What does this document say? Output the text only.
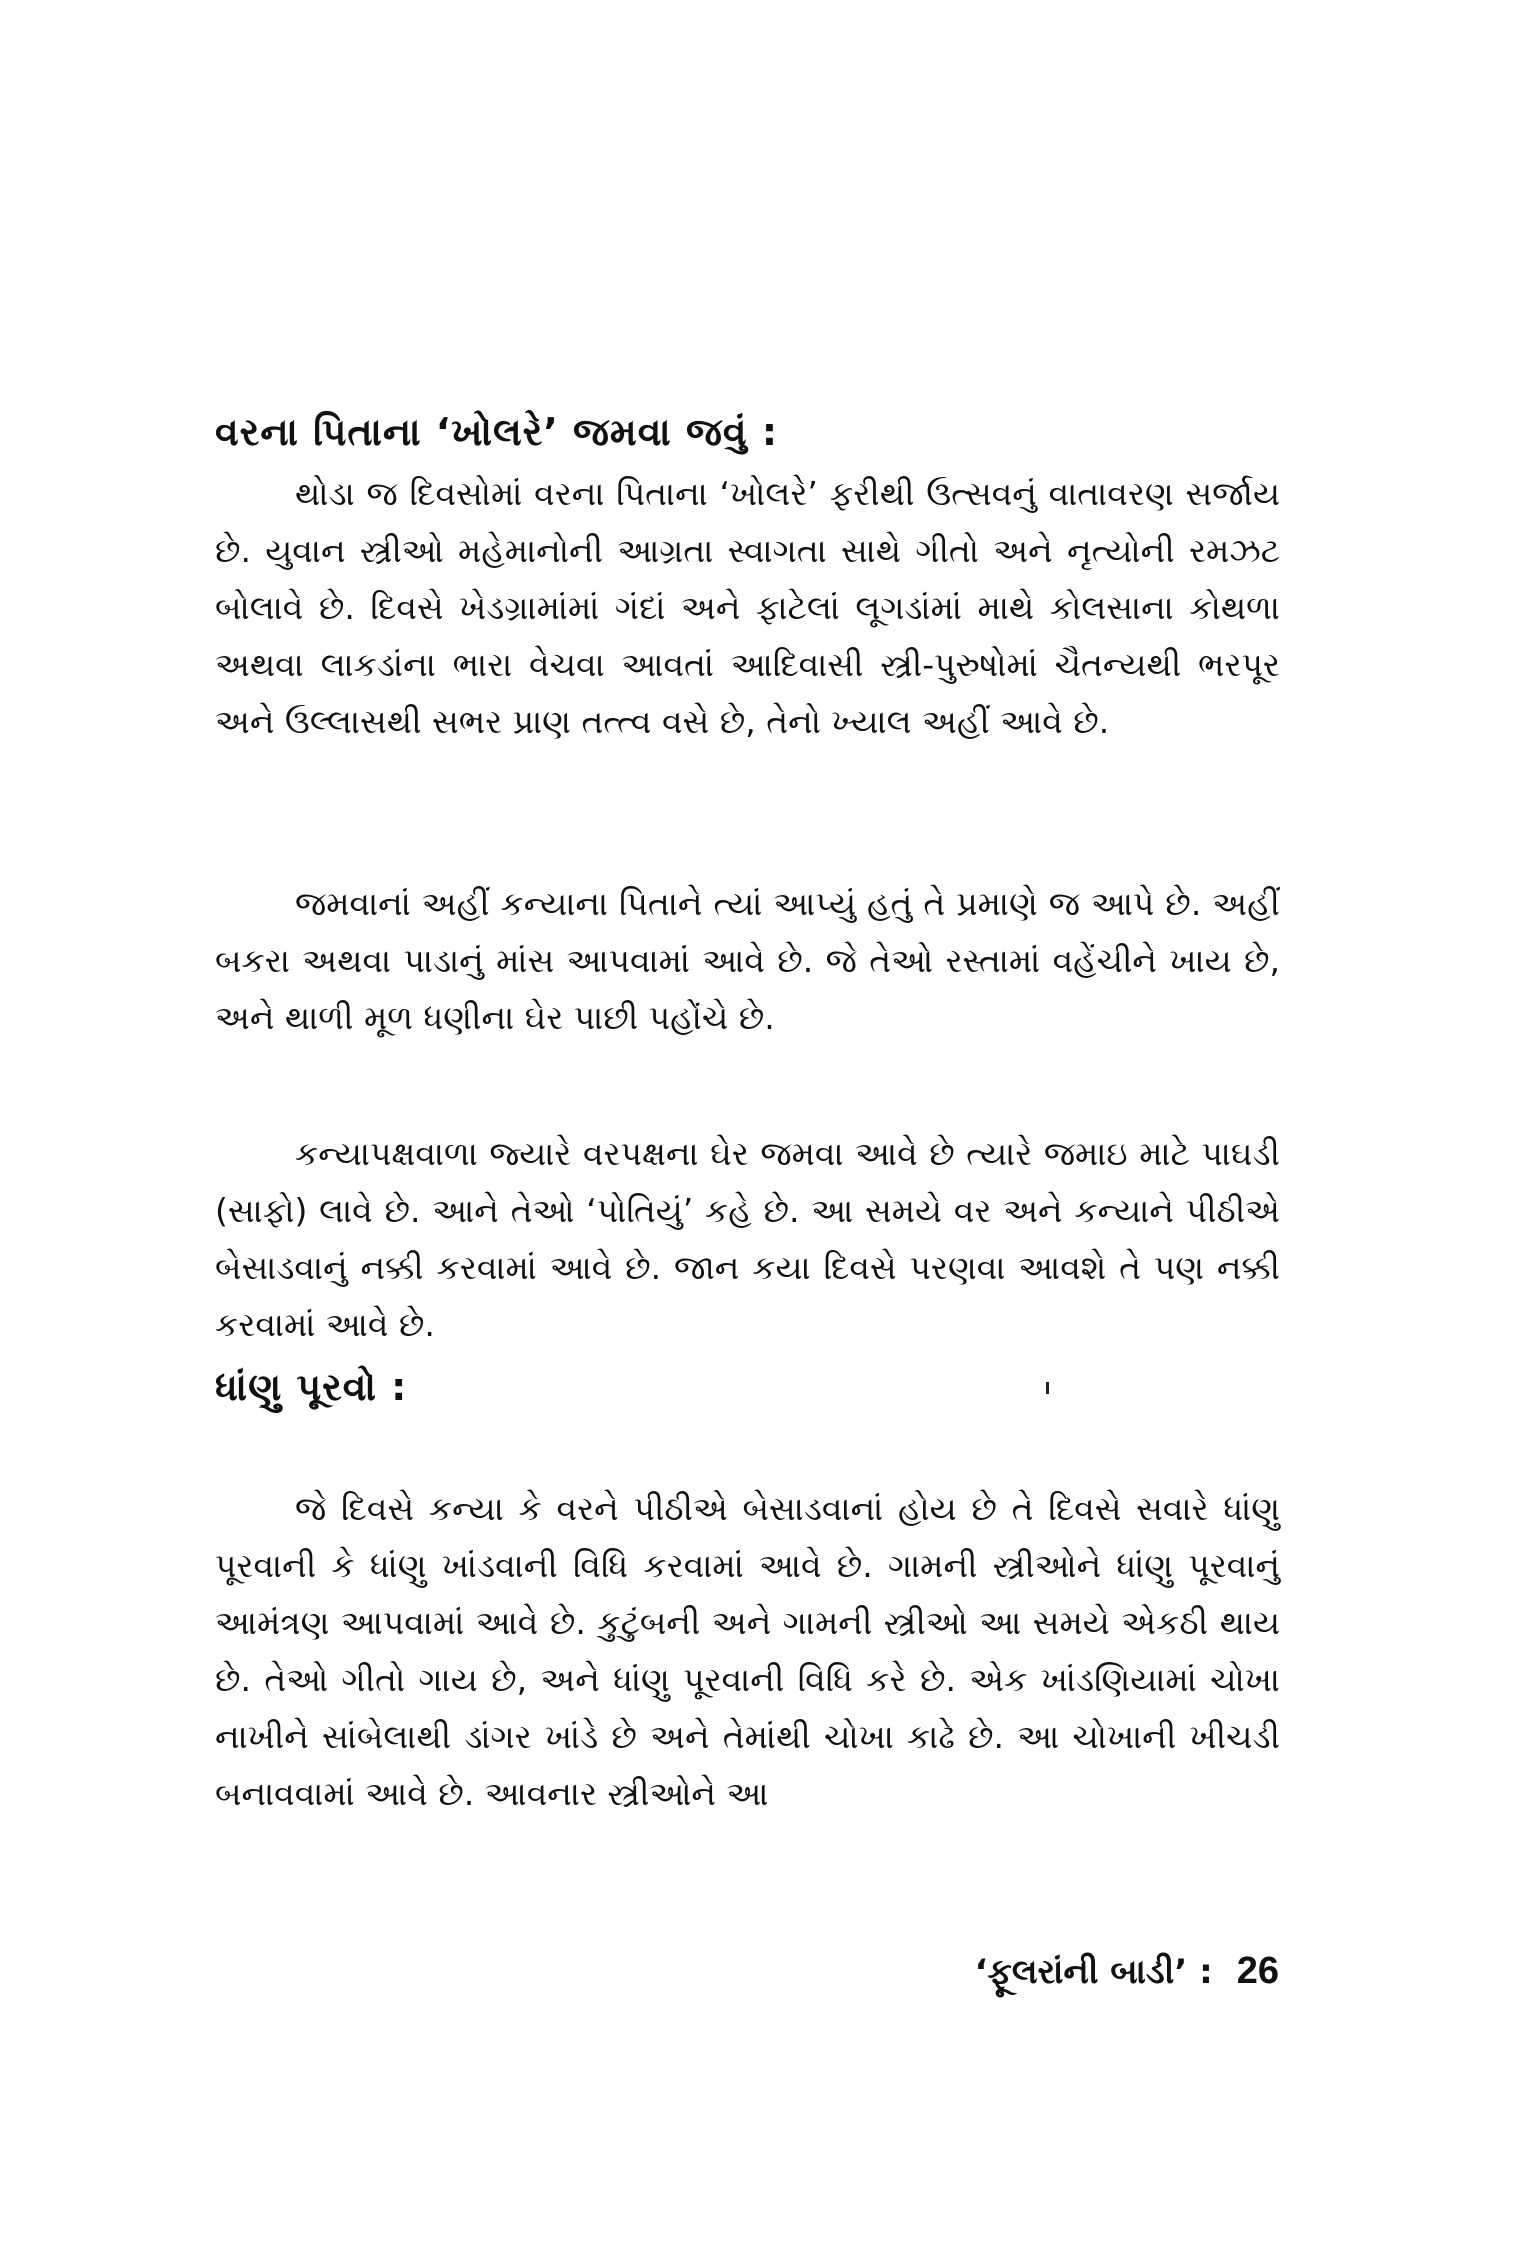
વરના પિતાના ‘ખોલરે’ જમવા જવું :

થોડા જ દિવસોમાં વરના પિતાના ‘ખોલરે’ ફરીથી ઉત્સવનું વાતાવરણ સર્જાય છે. યુવાન સ્ત્રીઓ મહેમાનોની આગ્રતા સ્વાગતા સાથે ગીતો અને નૃત્યોની રમઝટ બોલાવે છે. દિવસે ખેડગ્રામાંમાં ગંદાં અને ફાટેલાં લૂગડાંમાં માથે કોલસાના કોથળા અથવા લાકડાંના ભારા વેચવા આવતાં આદિવાસી સ્ત્રી-પુરુષોમાં ચૈતન્યથી ભરપૂર અને ઉલ્લાસથી સભર પ્રાણ તત્ત્વ વસે છે, તેનો ખ્યાલ અહીં આવે છે.

જમવાનાં અહીં કન્યાના પિતાને ત્યાં આપ્યું હતું તે પ્રમાણે જ આપે છે. અહીં બકરા અથવા પાડાનું માંસ આપવામાં આવે છે. જે તેઓ રસ્તામાં વહેંચીને ખાય છે, અને થાળી મૂળ ધણીના ઘેર પાછી પહોંચે છે.

કન્યાપક્ષવાળા જ્યારે વરપક્ષના ઘેર જમવા આવે છે ત્યારે જમાઇ માટે પાઘડી (સાફો) લાવે છે. આને તેઓ ‘પોતિયું’ કહે છે. આ સમયે વર અને કન્યાને પીઠીએ બેસાડવાનું નક્કી કરવામાં આવે છે. જાન કયા દિવસે પરણવા આવશે તે પણ નક્કી કરવામાં આવે છે.

ધાંણુ પૂરવો :

જે દિવસે કન્યા કે વરને પીઠીએ બેસાડવાનાં હોય છે તે દિવસે સવારે ધાંણુ પૂરવાની કે ધાંણુ ખાંડવાની વિધિ કરવામાં આવે છે. ગામની સ્ત્રીઓને ધાંણુ પૂરવાનું આમંત્રણ આપવામાં આવે છે. કુટુંબની અને ગામની સ્ત્રીઓ આ સમયે એકઠી થાય છે. તેઓ ગીતો ગાય છે, અને ધાંણુ પૂરવાની વિધિ કરે છે. એક ખાંડણિયામાં ચોખા નાખીને સાંબેલાથી ડાંગર ખાંડે છે અને તેમાંથી ચોખા કાઢે છે. આ ચોખાની ખીચડી બનાવવામાં આવે છે. આવનાર સ્ત્રીઓને આ

‘ફૂલરાંની બાડી’ : 26
